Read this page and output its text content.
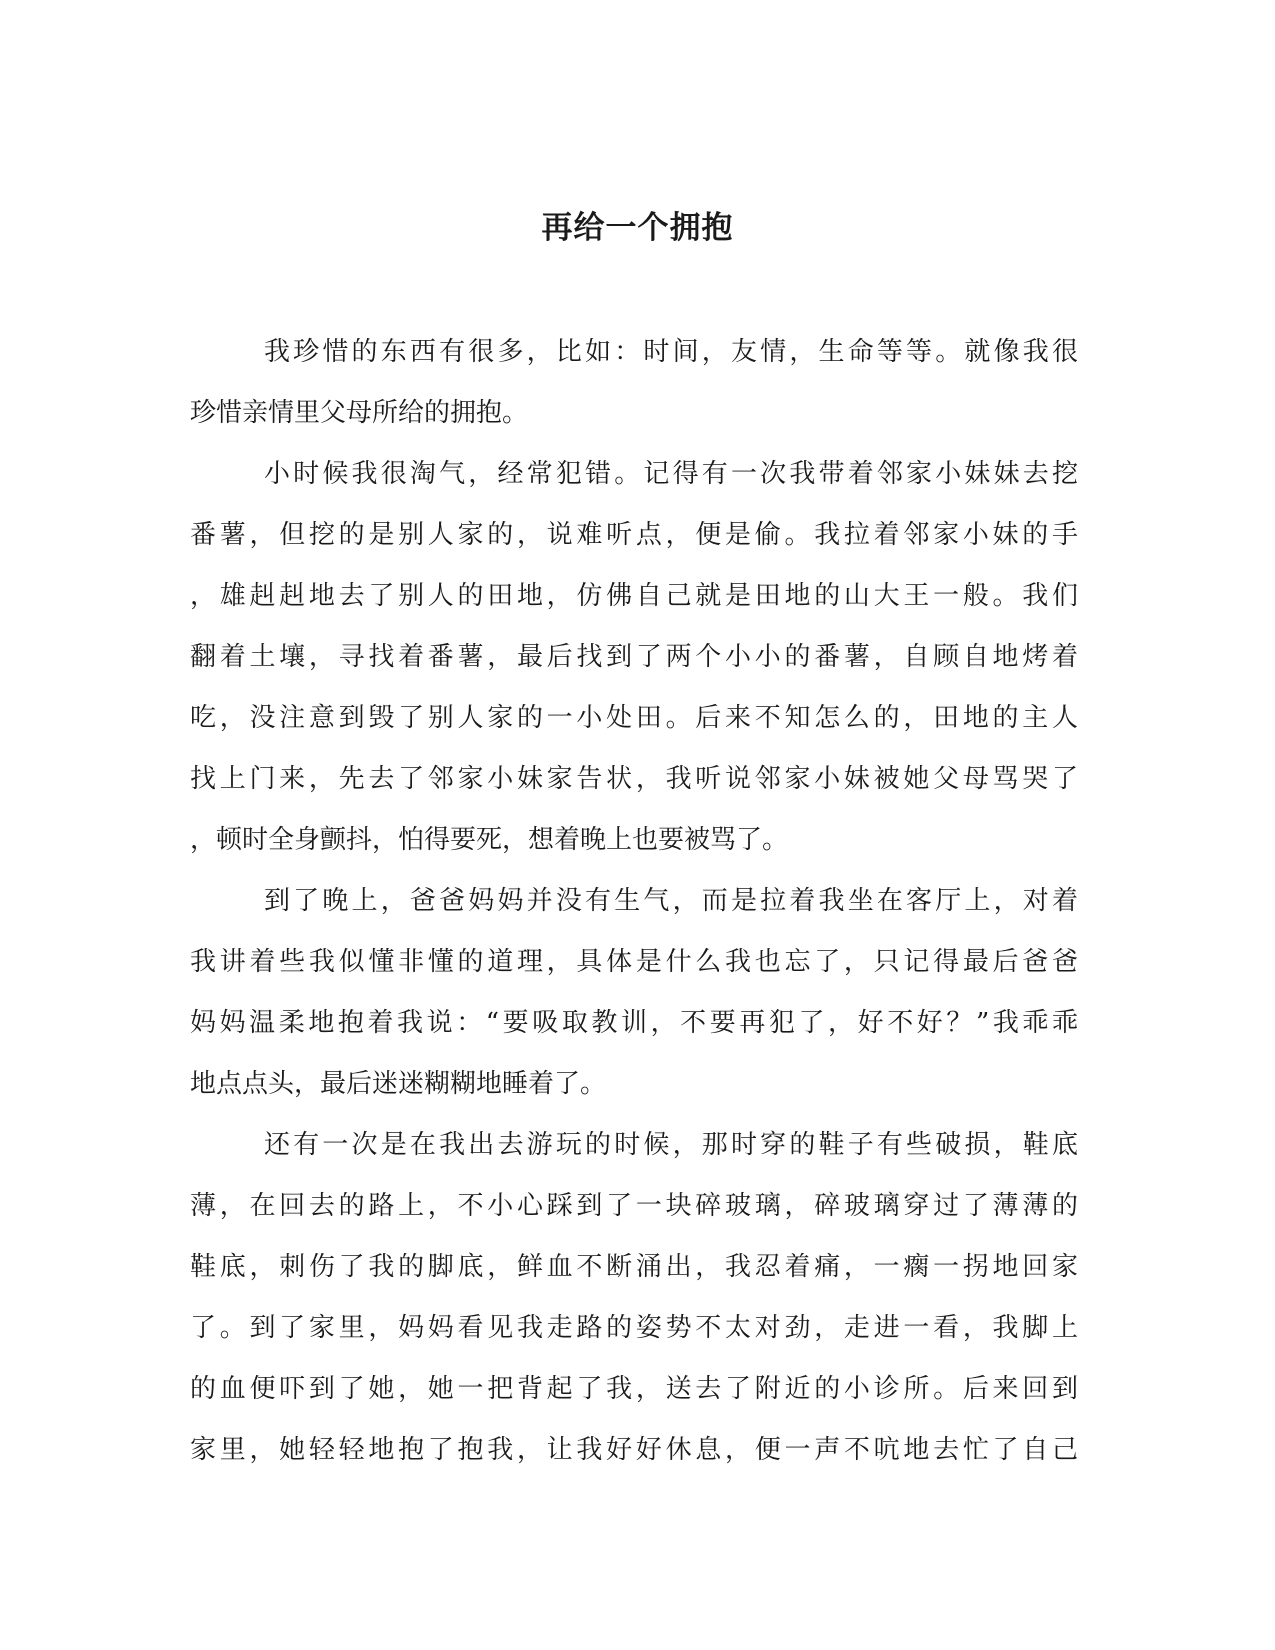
再给一个拥抱
我珍惜的东西有很多，比如：时间，友情，生命等等。就像我很
珍惜亲情里父母所给的拥抱。
小时候我很淘气，经常犯错。记得有一次我带着邻家小妹妹去挖
番薯，但挖的是别人家的，说难听点，便是偷。我拉着邻家小妹的手
，雄赳赳地去了别人的田地，仿佛自己就是田地的山大王一般。我们
翻着土壤，寻找着番薯，最后找到了两个小小的番薯，自顾自地烤着
吃，没注意到毁了别人家的一小处田。后来不知怎么的，田地的主人
找上门来，先去了邻家小妹家告状，我听说邻家小妹被她父母骂哭了
，顿时全身颤抖，怕得要死，想着晚上也要被骂了。
到了晚上，爸爸妈妈并没有生气，而是拉着我坐在客厅上，对着
我讲着些我似懂非懂的道理，具体是什么我也忘了，只记得最后爸爸
妈妈温柔地抱着我说：“要吸取教训，不要再犯了，好不好？”我乖乖
地点点头，最后迷迷糊糊地睡着了。
还有一次是在我出去游玩的时候，那时穿的鞋子有些破损，鞋底
薄，在回去的路上，不小心踩到了一块碎玻璃，碎玻璃穿过了薄薄的
鞋底，刺伤了我的脚底，鲜血不断涌出，我忍着痛，一瘸一拐地回家
了。到了家里，妈妈看见我走路的姿势不太对劲，走进一看，我脚上
的血便吓到了她，她一把背起了我，送去了附近的小诊所。后来回到
家里，她轻轻地抱了抱我，让我好好休息，便一声不吭地去忙了自己
